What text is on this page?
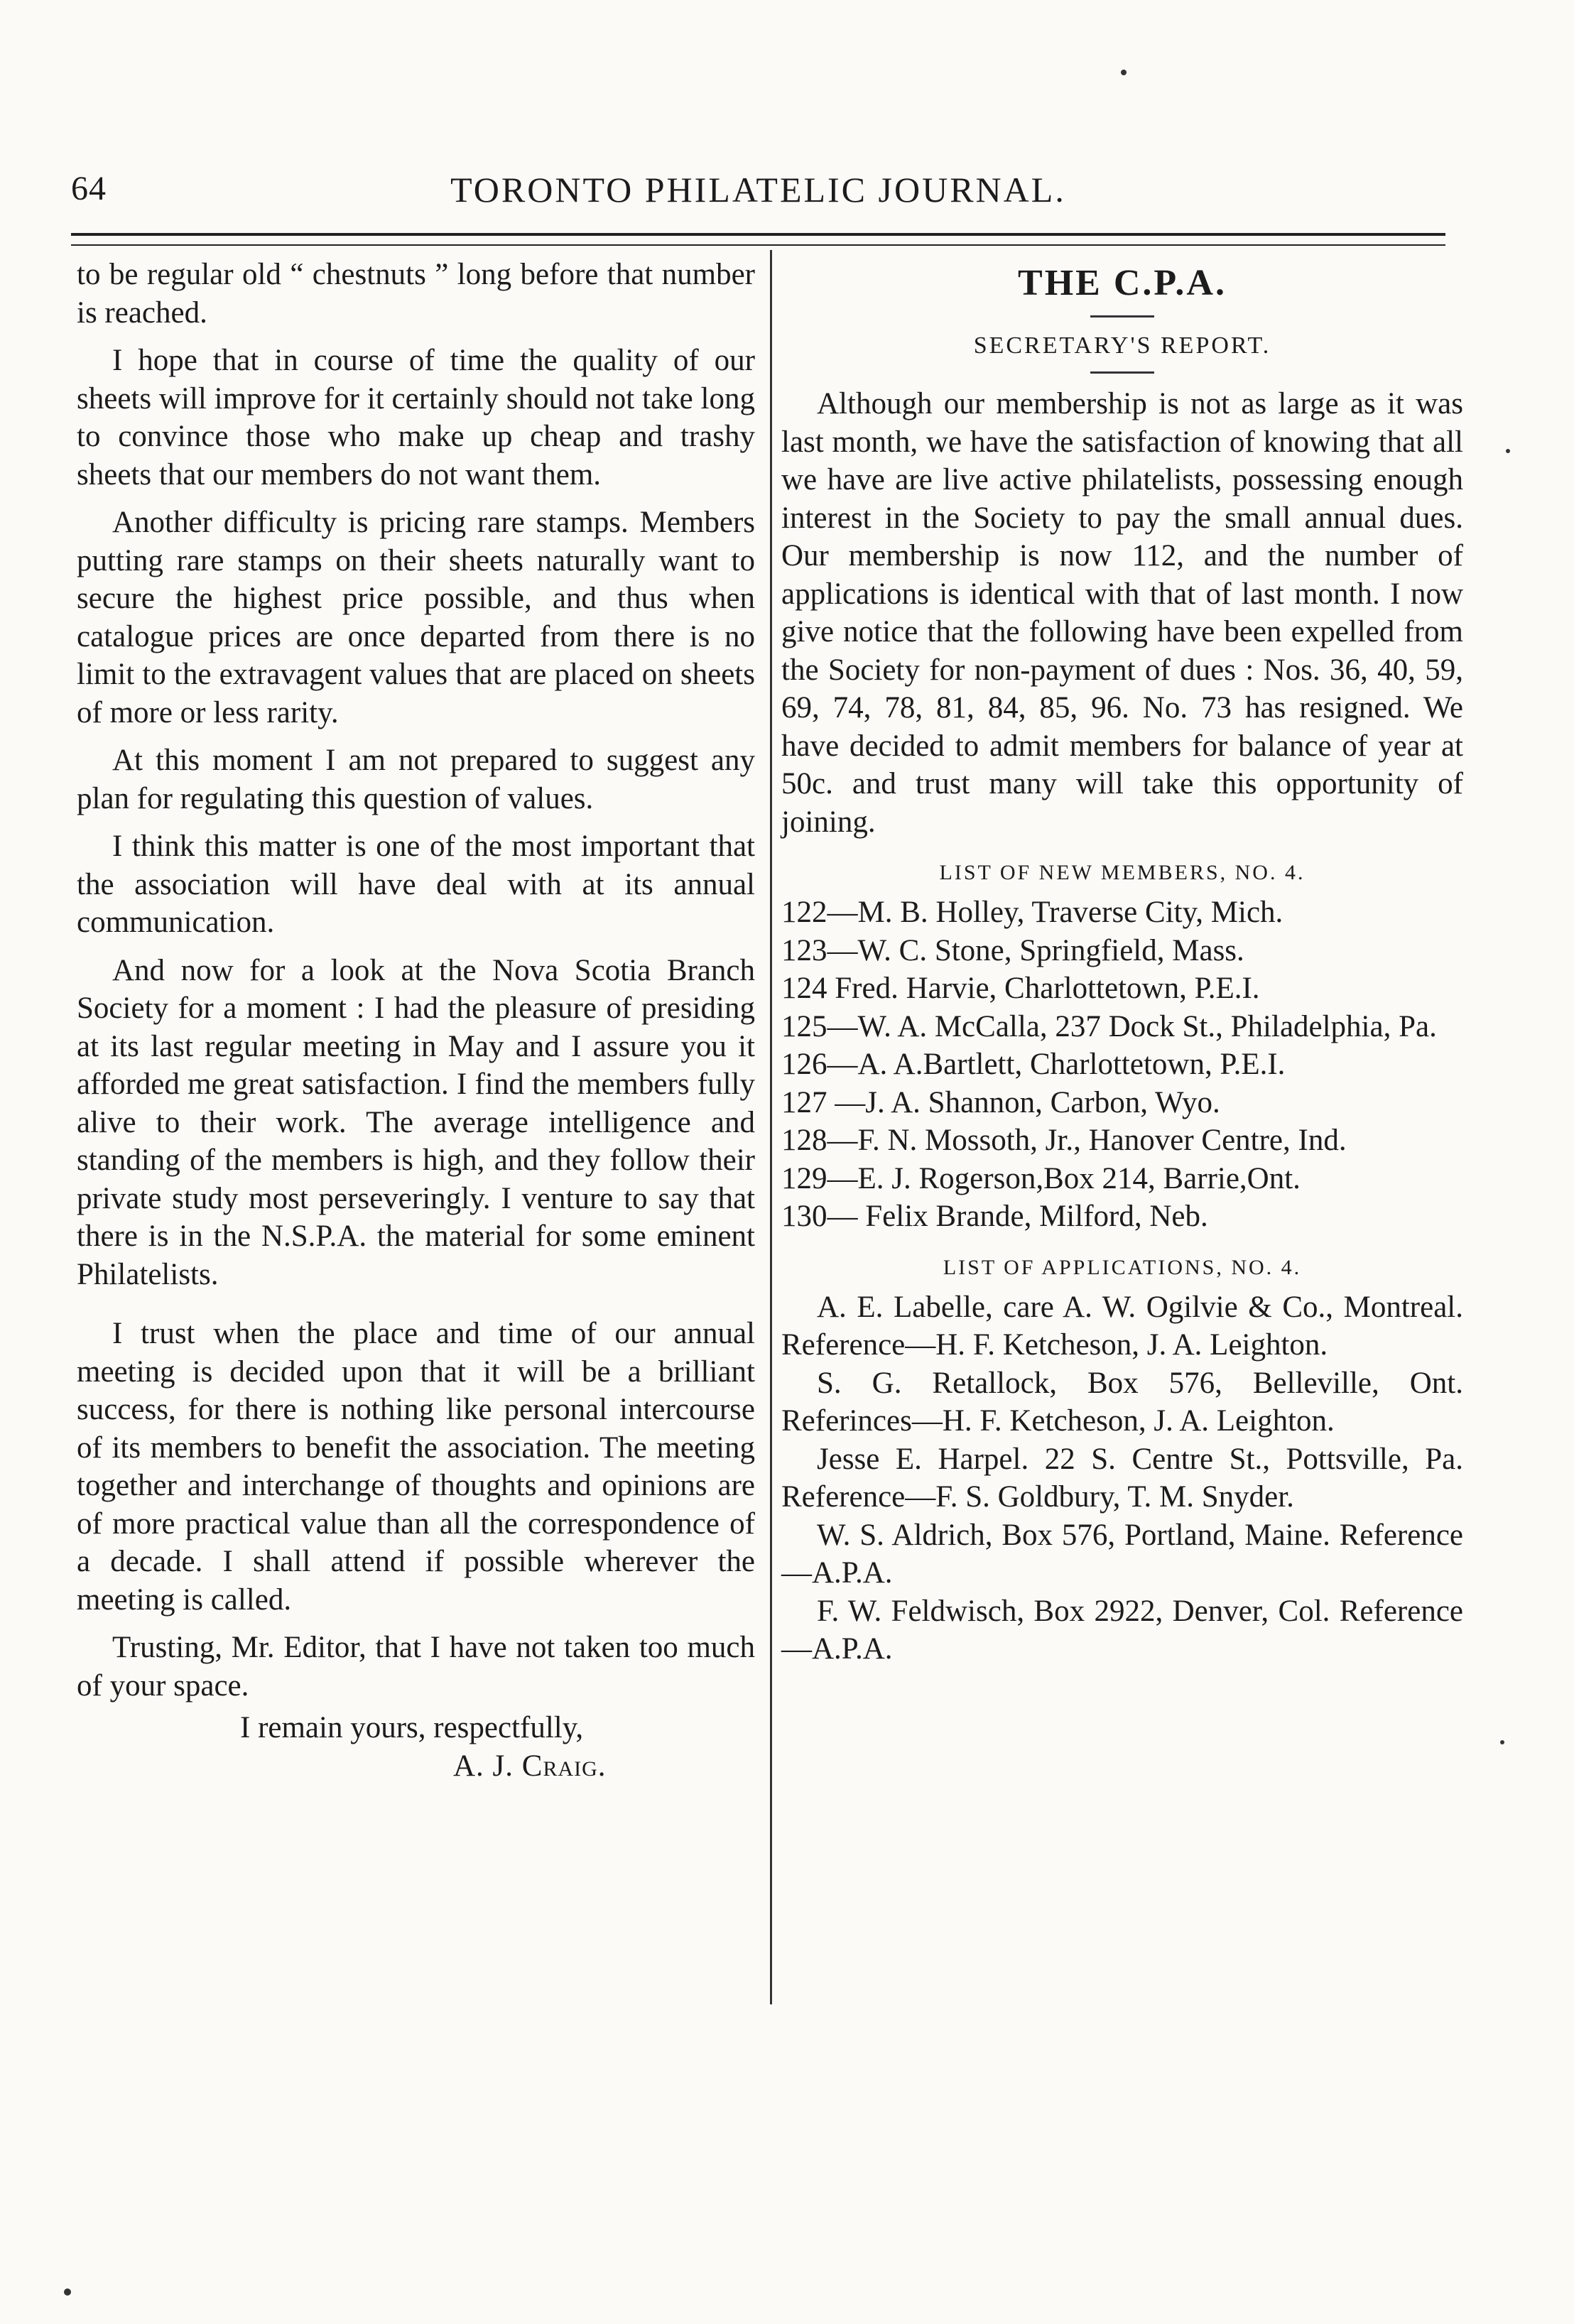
64	TORONTO PHILATELIC JOURNAL.

to be regular old “ chestnuts ” long before that number is reached.

I hope that in course of time the quality of our sheets will improve for it certainly should not take long to convince those who make up cheap and trashy sheets that our members do not want them.

Another difficulty is pricing rare stamps. Members putting rare stamps on their sheets naturally want to secure the highest price possible, and thus when catalogue prices are once departed from there is no limit to the extravagent values that are placed on sheets of more or less rarity.

At this moment I am not prepared to suggest any plan for regulating this question of values.

I think this matter is one of the most important that the association will have deal with at its annual communication.

And now for a look at the Nova Scotia Branch Society for a moment : I had the pleasure of presiding at its last regular meeting in May and I assure you it afforded me great satisfaction. I find the members fully alive to their work. The average intelligence and standing of the members is high, and they follow their private study most perseveringly. I venture to say that there is in the N.S.P.A. the material for some eminent Philatelists.

I trust when the place and time of our annual meeting is decided upon that it will be a brilliant success, for there is nothing like personal intercourse of its members to benefit the association. The meeting together and interchange of thoughts and opinions are of more practical value than all the correspondence of a decade. I shall attend if possible wherever the meeting is called.

Trusting, Mr. Editor, that I have not taken too much of your space.

I remain yours, respectfully,

A. J. Craig.

THE C.P.A.
SECRETARY'S REPORT.

Although our membership is not as large as it was last month, we have the satisfaction of knowing that all we have are live active philatelists, possessing enough interest in the Society to pay the small annual dues. Our membership is now 112, and the number of applications is identical with that of last month. I now give notice that the following have been expelled from the Society for non-payment of dues : Nos. 36, 40, 59, 69, 74, 78, 81, 84, 85, 96. No. 73 has resigned. We have decided to admit members for balance of year at 50c. and trust many will take this opportunity of joining.

LIST OF NEW MEMBERS, NO. 4.

122—M. B. Holley, Traverse City, Mich.

123—W. C. Stone, Springfield, Mass.

124 Fred. Harvie, Charlottetown, P.E.I.

125—W. A. McCalla, 237 Dock St., Philadelphia, Pa.

126—A. A.Bartlett, Charlottetown, P.E.I.

127 —J. A. Shannon, Carbon, Wyo.

128—F. N. Mossoth, Jr., Hanover Centre, Ind.

129—E. J. Rogerson,Box 214, Barrie,Ont.

130— Felix Brande, Milford, Neb.

LIST OF APPLICATIONS, NO. 4.

A. E. Labelle, care A. W. Ogilvie & Co., Montreal. Reference—H. F. Ketcheson, J. A. Leighton.

S. G. Retallock, Box 576, Belleville, Ont. Referinces—H. F. Ketcheson, J. A. Leighton.

Jesse E. Harpel. 22 S. Centre St., Pottsville, Pa. Reference—F. S. Goldbury, T. M. Snyder.

W. S. Aldrich, Box 576, Portland, Maine. Reference—A.P.A.

F. W. Feldwisch, Box 2922, Denver, Col. Reference—A.P.A.
